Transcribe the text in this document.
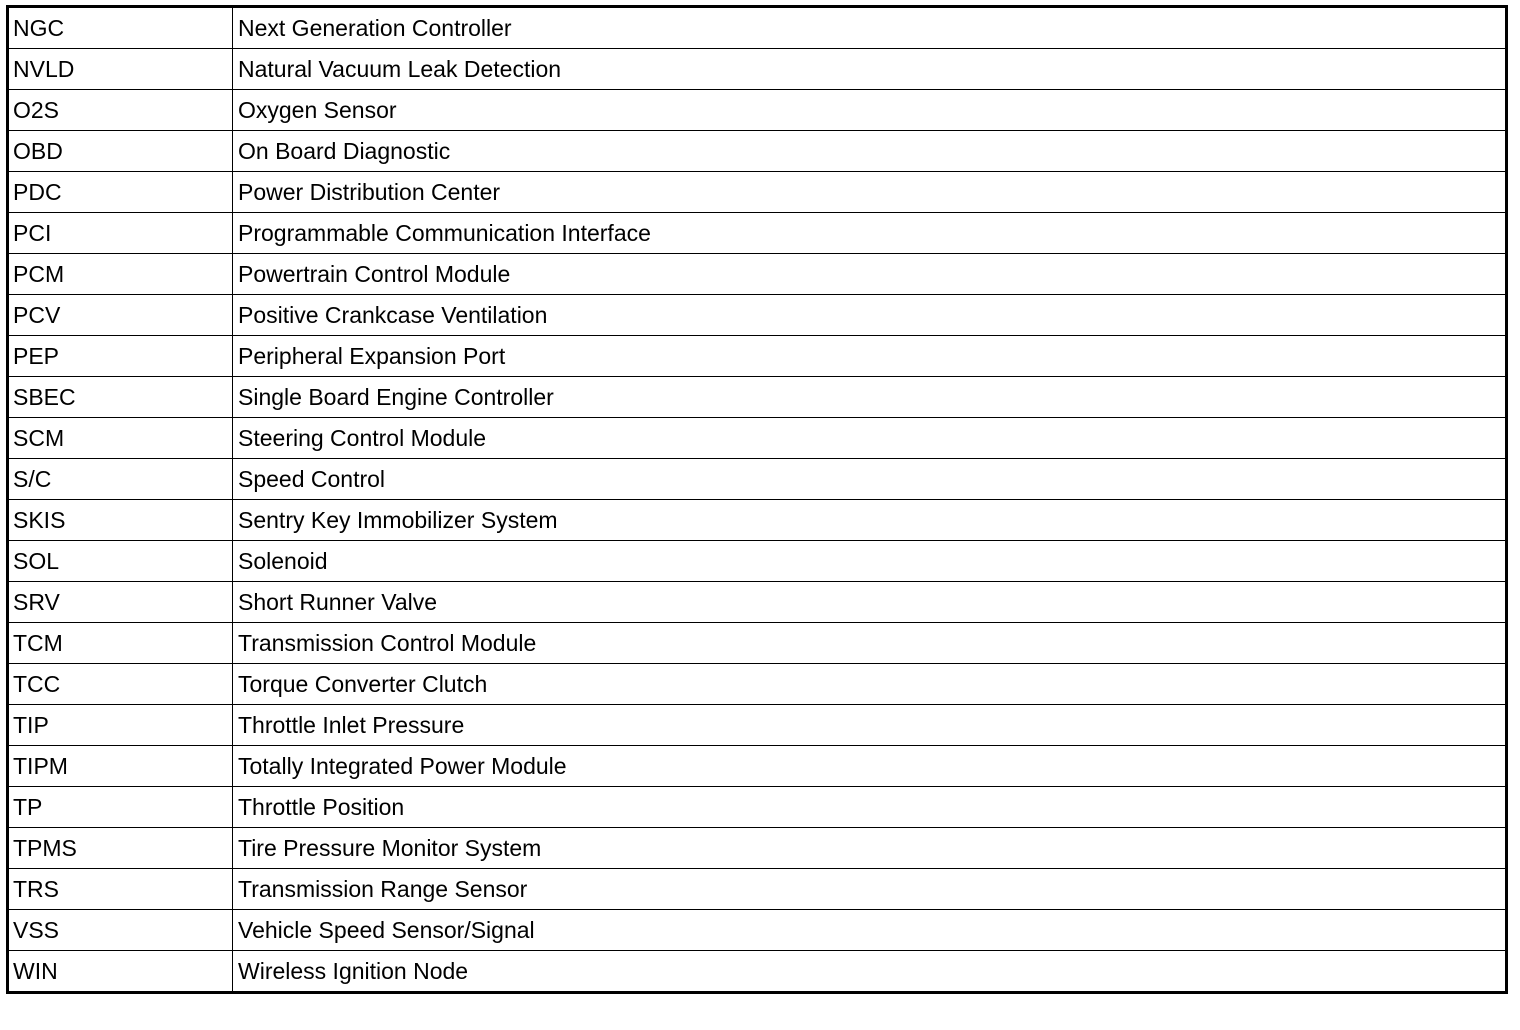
NGC	Next Generation Controller
NVLD	Natural Vacuum Leak Detection
O2S	Oxygen Sensor
OBD	On Board Diagnostic
PDC	Power Distribution Center
PCI	Programmable Communication Interface
PCM	Powertrain Control Module
PCV	Positive Crankcase Ventilation
PEP	Peripheral Expansion Port
SBEC	Single Board Engine Controller
SCM	Steering Control Module
S/C	Speed Control
SKIS	Sentry Key Immobilizer System
SOL	Solenoid
SRV	Short Runner Valve
TCM	Transmission Control Module
TCC	Torque Converter Clutch
TIP	Throttle Inlet Pressure
TIPM	Totally Integrated Power Module
TP	Throttle Position
TPMS	Tire Pressure Monitor System
TRS	Transmission Range Sensor
VSS	Vehicle Speed Sensor/Signal
WIN	Wireless Ignition Node
